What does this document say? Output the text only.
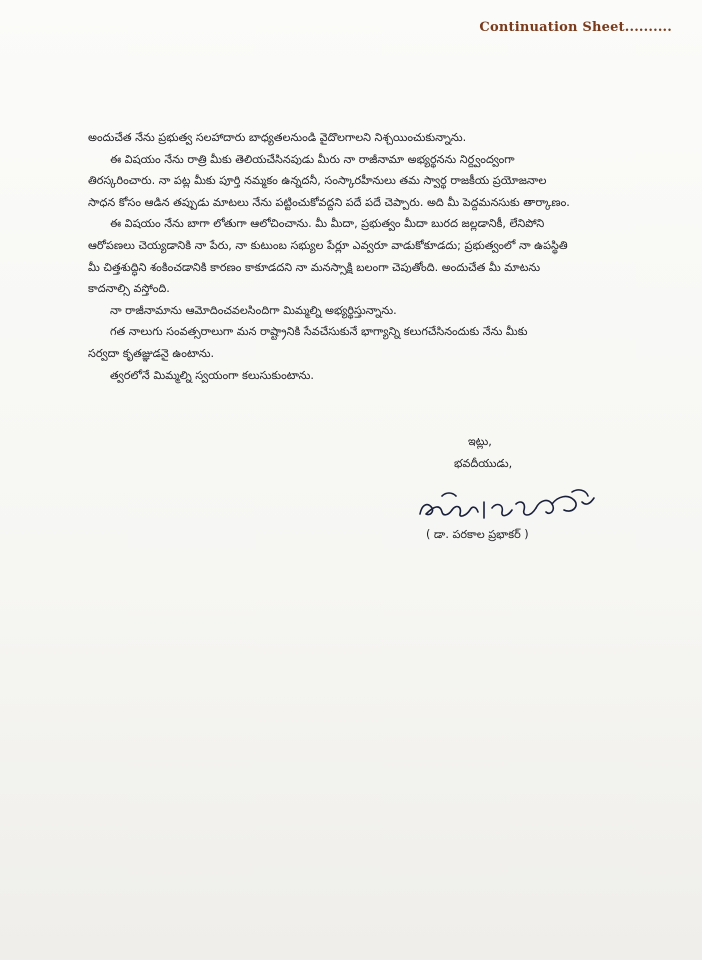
Continuation Sheet..........

అందుచేత నేను ప్రభుత్వ సలహాదారు బాధ్యతలనుండి వైదొలగాలని నిశ్చయించుకున్నాను.

ఈ విషయం నేను రాత్రి మీకు తెలియచేసినపుడు మీరు నా రాజీనామా అభ్యర్థనను నిర్ద్వంద్వంగా

తిరస్కరించారు. నా పట్ల మీకు పూర్తి నమ్మకం ఉన్నదనీ, సంస్కారహీనులు తమ స్వార్థ రాజకీయ ప్రయోజనాల

సాధన కోసం ఆడిన తప్పుడు మాటలు నేను పట్టించుకోవద్దని పదే పదే చెప్పారు. అది మీ పెద్దమనసుకు తార్కాణం.

ఈ విషయం నేను బాగా లోతుగా ఆలోచించాను. మీ మీదా, ప్రభుత్వం మీదా బురద జల్లడానికీ, లేనిపోని

ఆరోపణలు చెయ్యడానికి నా పేరు, నా కుటుంబ సభ్యుల పేర్లూ ఎవ్వరూ వాడుకోకూడదు; ప్రభుత్వంలో నా ఉపస్థితి

మీ చిత్తశుద్ధిని శంకించడానికి కారణం కాకూడదని నా మనస్సాక్షి బలంగా చెపుతోంది. అందుచేత మీ మాటను

కాదనాల్సి వస్తోంది.

నా రాజీనామాను ఆమోదించవలసిందిగా మిమ్మల్ని అభ్యర్థిస్తున్నాను.

గత నాలుగు సంవత్సరాలుగా మన రాష్ట్రానికి సేవచేసుకునే భాగ్యాన్ని కలుగచేసినందుకు నేను మీకు

సర్వదా కృతజ్ఞుడనై ఉంటాను.

త్వరలోనే మిమ్మల్ని స్వయంగా కలుసుకుంటాను.

ఇట్లు,

భవదీయుడు,

( డా. పరకాల ప్రభాకర్ )
